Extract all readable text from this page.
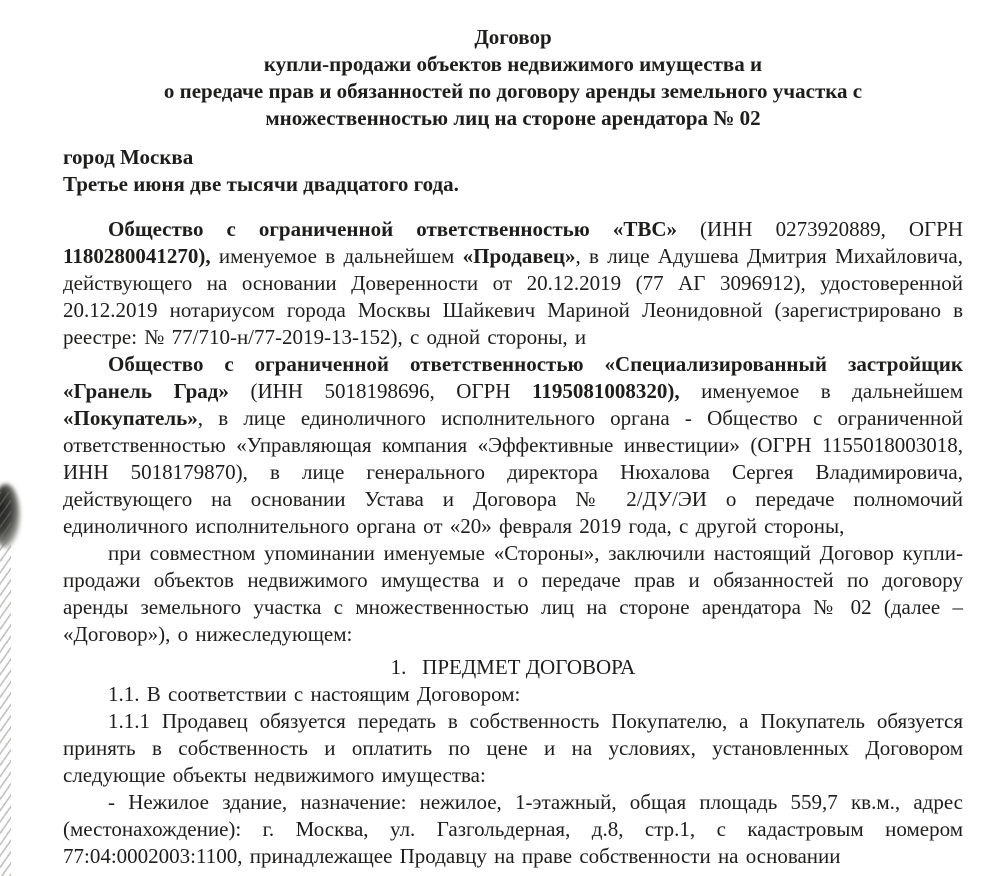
Договор
купли-продажи объектов недвижимого имущества и
о передаче прав и обязанностей по договору аренды земельного участка с
множественностью лиц на стороне арендатора № 02

город Москва

Третье июня две тысячи двадцатого года.

Общество с ограниченной ответственностью «ТВС» (ИНН 0273920889, ОГРН 1180280041270), именуемое в дальнейшем «Продавец», в лице Адушева Дмитрия Михайловича, действующего на основании Доверенности от 20.12.2019 (77 АГ 3096912), удостоверенной 20.12.2019 нотариусом города Москвы Шайкевич Мариной Леонидовной (зарегистрировано в реестре: № 77/710-н/77-2019-13-152), с одной стороны, и

Общество с ограниченной ответственностью «Специализированный застройщик «Гранель Град» (ИНН 5018198696, ОГРН 1195081008320), именуемое в дальнейшем «Покупатель», в лице единоличного исполнительного органа - Общество с ограниченной ответственностью «Управляющая компания «Эффективные инвестиции» (ОГРН 1155018003018, ИНН 5018179870), в лице генерального директора Нюхалова Сергея Владимировича, действующего на основании Устава и Договора № 2/ДУ/ЭИ о передаче полномочий единоличного исполнительного органа от «20» февраля 2019 года, с другой стороны,

при совместном упоминании именуемые «Стороны», заключили настоящий Договор купли-продажи объектов недвижимого имущества и о передаче прав и обязанностей по договору аренды земельного участка с множественностью лиц на стороне арендатора № 02 (далее – «Договор»), о нижеследующем:

1.   ПРЕДМЕТ ДОГОВОРА

1.1. В соответствии с настоящим Договором:

1.1.1 Продавец обязуется передать в собственность Покупателю, а Покупатель обязуется принять в собственность и оплатить по цене и на условиях, установленных Договором следующие объекты недвижимого имущества:

- Нежилое здание, назначение: нежилое, 1-этажный, общая площадь 559,7 кв.м., адрес (местонахождение): г. Москва, ул. Газгольдерная, д.8, стр.1, с кадастровым номером 77:04:0002003:1100, принадлежащее Продавцу на праве собственности на основании
